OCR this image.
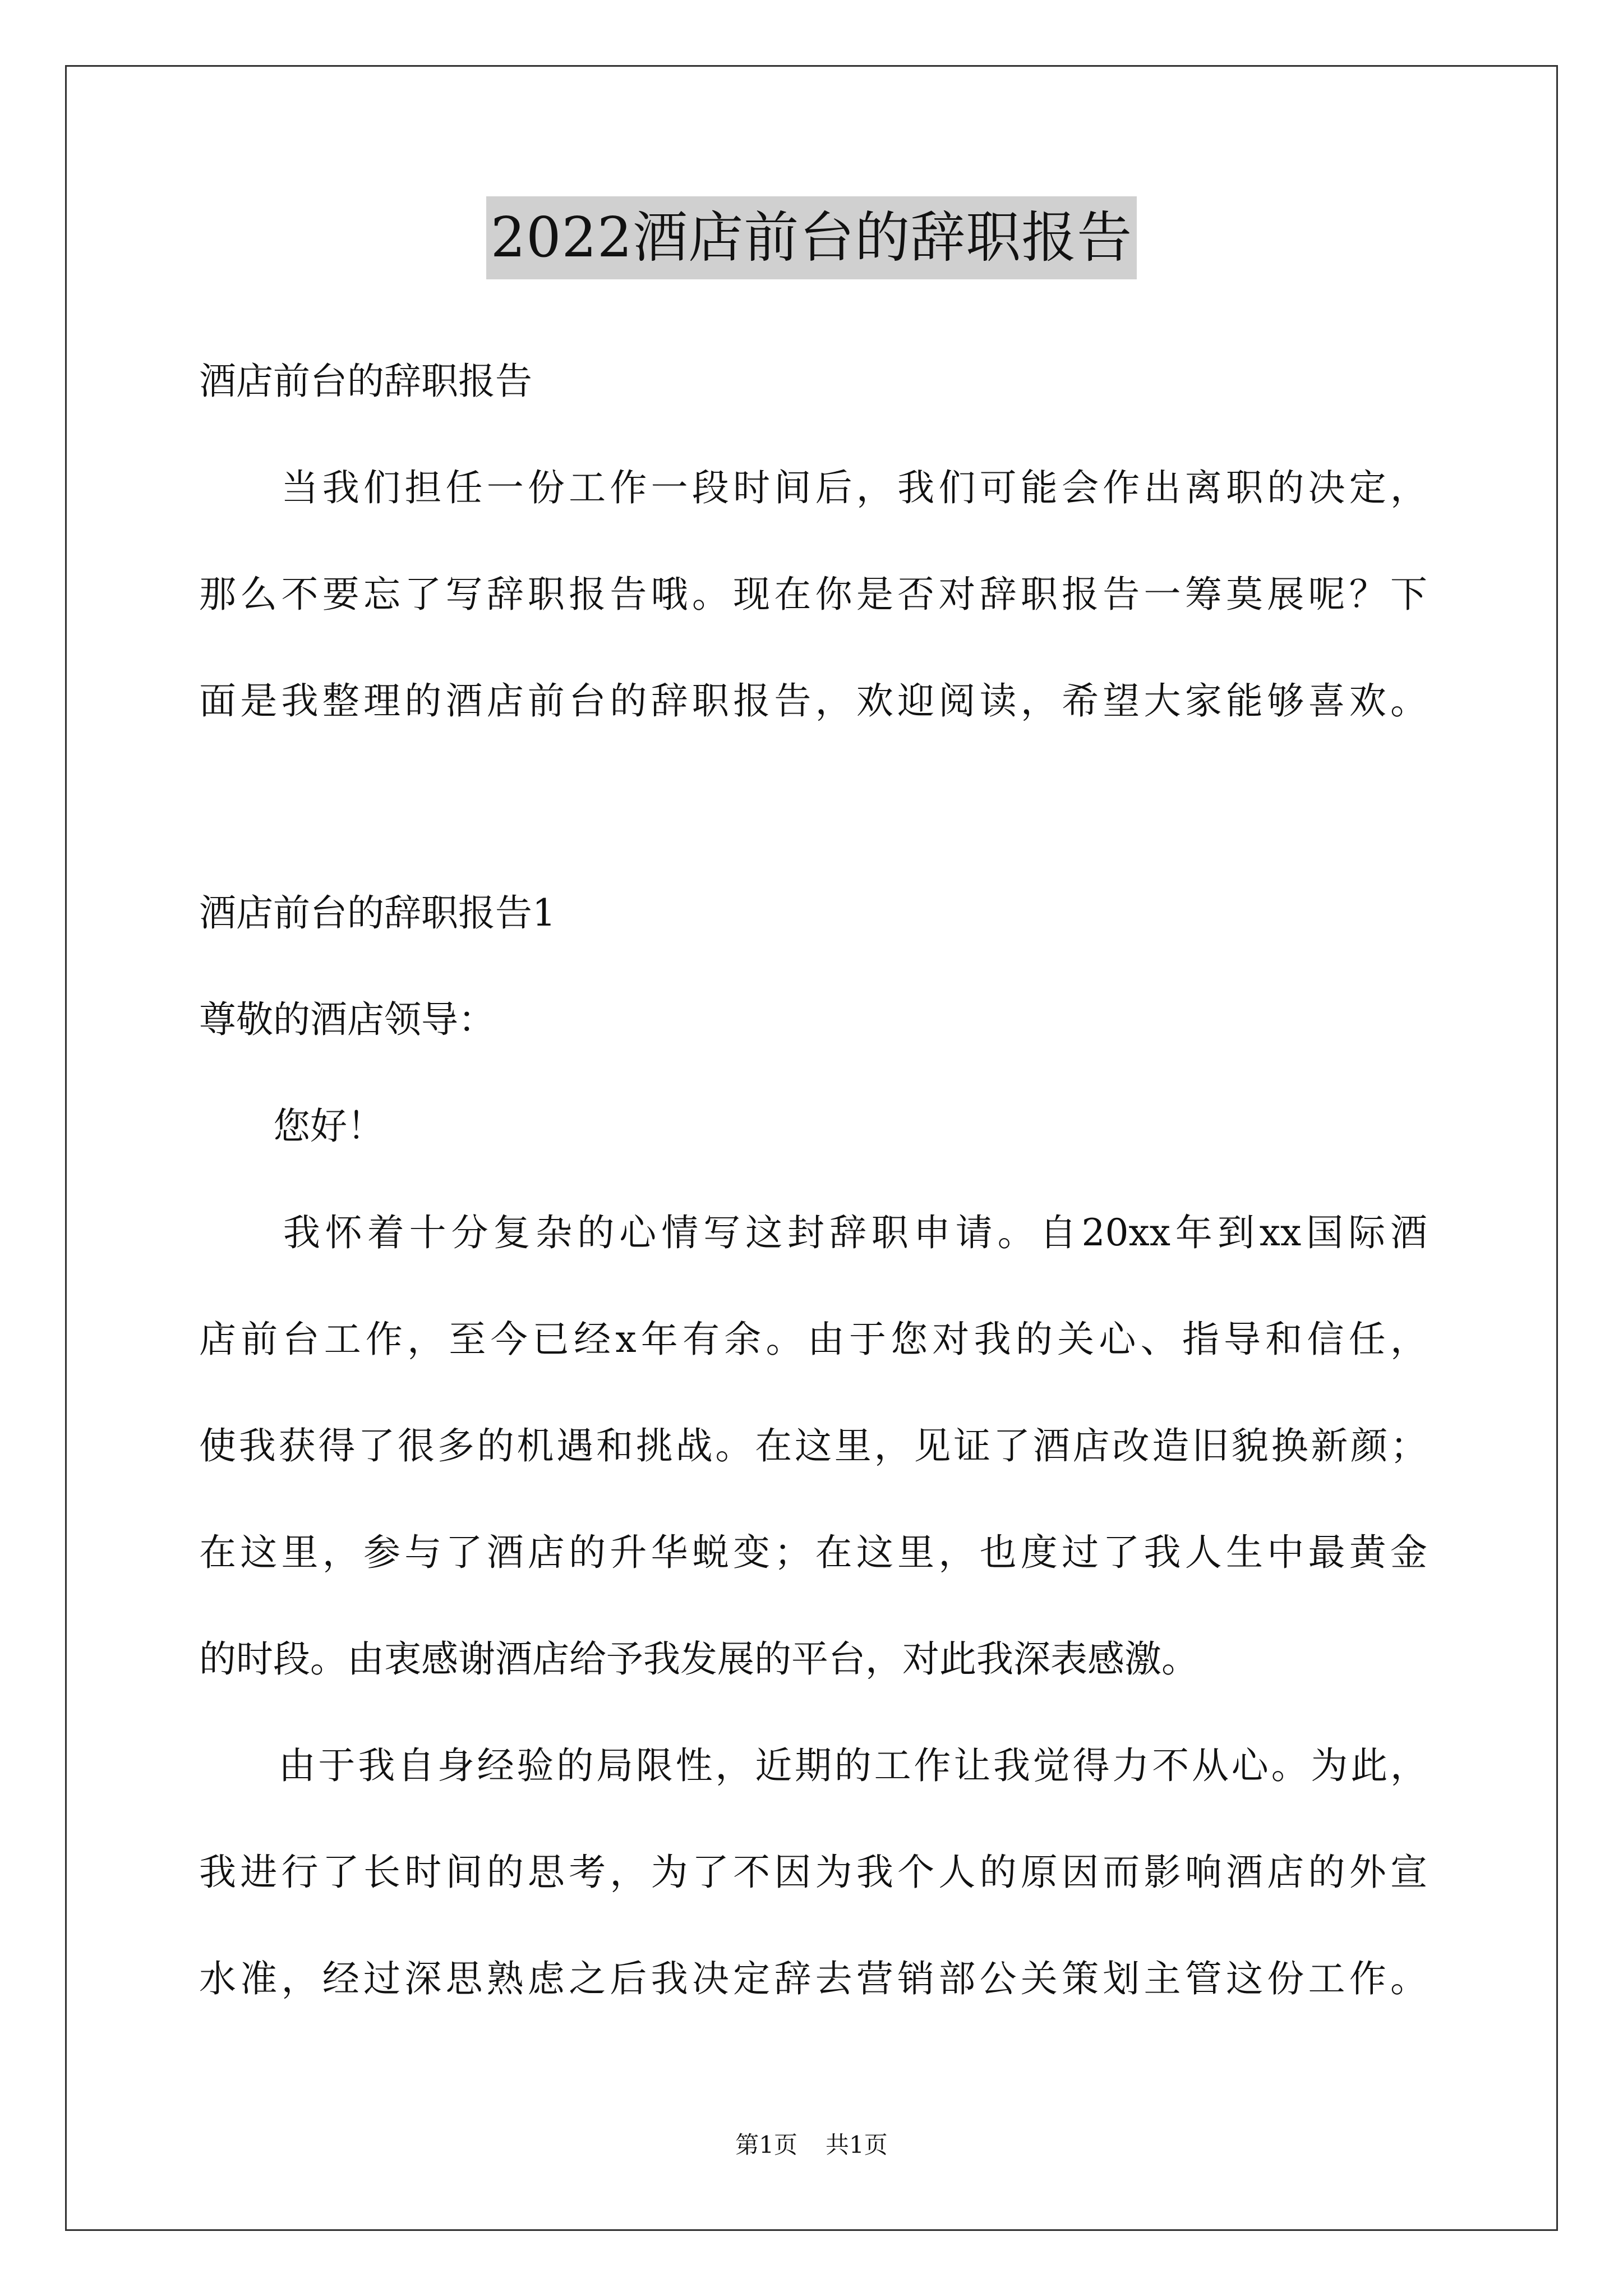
2022酒店前台的辞职报告
酒店前台的辞职报告
　　当我们担任一份工作一段时间后，我们可能会作出离职的决定，
那么不要忘了写辞职报告哦。现在你是否对辞职报告一筹莫展呢？下
面是我整理的酒店前台的辞职报告，欢迎阅读，希望大家能够喜欢。
酒店前台的辞职报告1
尊敬的酒店领导：
　　您好！
　　我怀着十分复杂的心情写这封辞职申请。自20xx年到xx国际酒
店前台工作，至今已经x年有余。由于您对我的关心、指导和信任，
使我获得了很多的机遇和挑战。在这里，见证了酒店改造旧貌换新颜；
在这里，参与了酒店的升华蜕变；在这里，也度过了我人生中最黄金
的时段。由衷感谢酒店给予我发展的平台，对此我深表感激。
　　由于我自身经验的局限性，近期的工作让我觉得力不从心。为此，
我进行了长时间的思考，为了不因为我个人的原因而影响酒店的外宣
水准，经过深思熟虑之后我决定辞去营销部公关策划主管这份工作。
第1页 共1页
